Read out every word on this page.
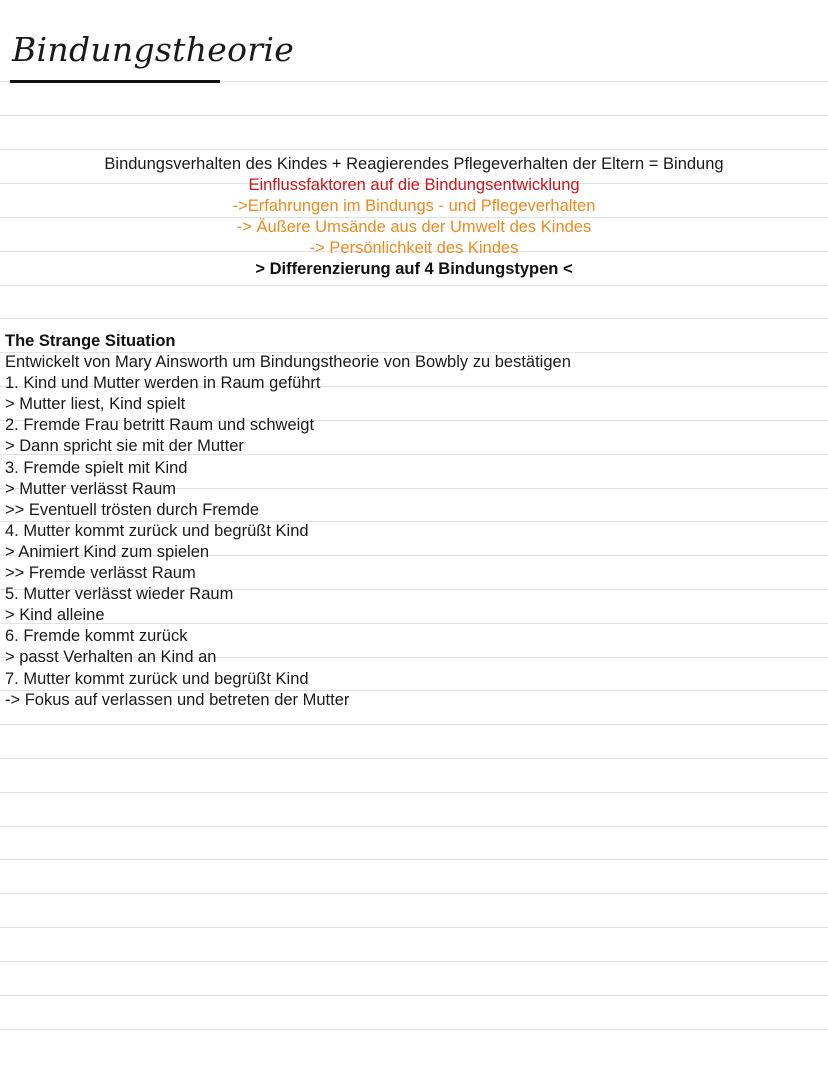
Bindungstheorie
Bindungsverhalten des Kindes + Reagierendes Pflegeverhalten der Eltern = Bindung
Einflussfaktoren auf die Bindungsentwicklung
->Erfahrungen im Bindungs - und Pflegeverhalten
-> Äußere Umsände aus der Umwelt des Kindes
-> Persönlichkeit des Kindes
> Differenzierung auf 4 Bindungstypen <
The Strange Situation
Entwickelt von Mary Ainsworth um Bindungstheorie von Bowbly zu bestätigen
1. Kind und Mutter werden in Raum geführt
> Mutter liest, Kind spielt
2. Fremde Frau betritt Raum und schweigt
> Dann spricht sie mit der Mutter
3. Fremde spielt mit Kind
> Mutter verlässt Raum
>> Eventuell trösten durch Fremde
4. Mutter kommt zurück und begrüßt Kind
> Animiert Kind zum spielen
>> Fremde verlässt Raum
5. Mutter verlässt wieder Raum
> Kind alleine
6. Fremde kommt zurück
> passt Verhalten an Kind an
7. Mutter kommt zurück und begrüßt Kind
-> Fokus auf verlassen und betreten der Mutter
